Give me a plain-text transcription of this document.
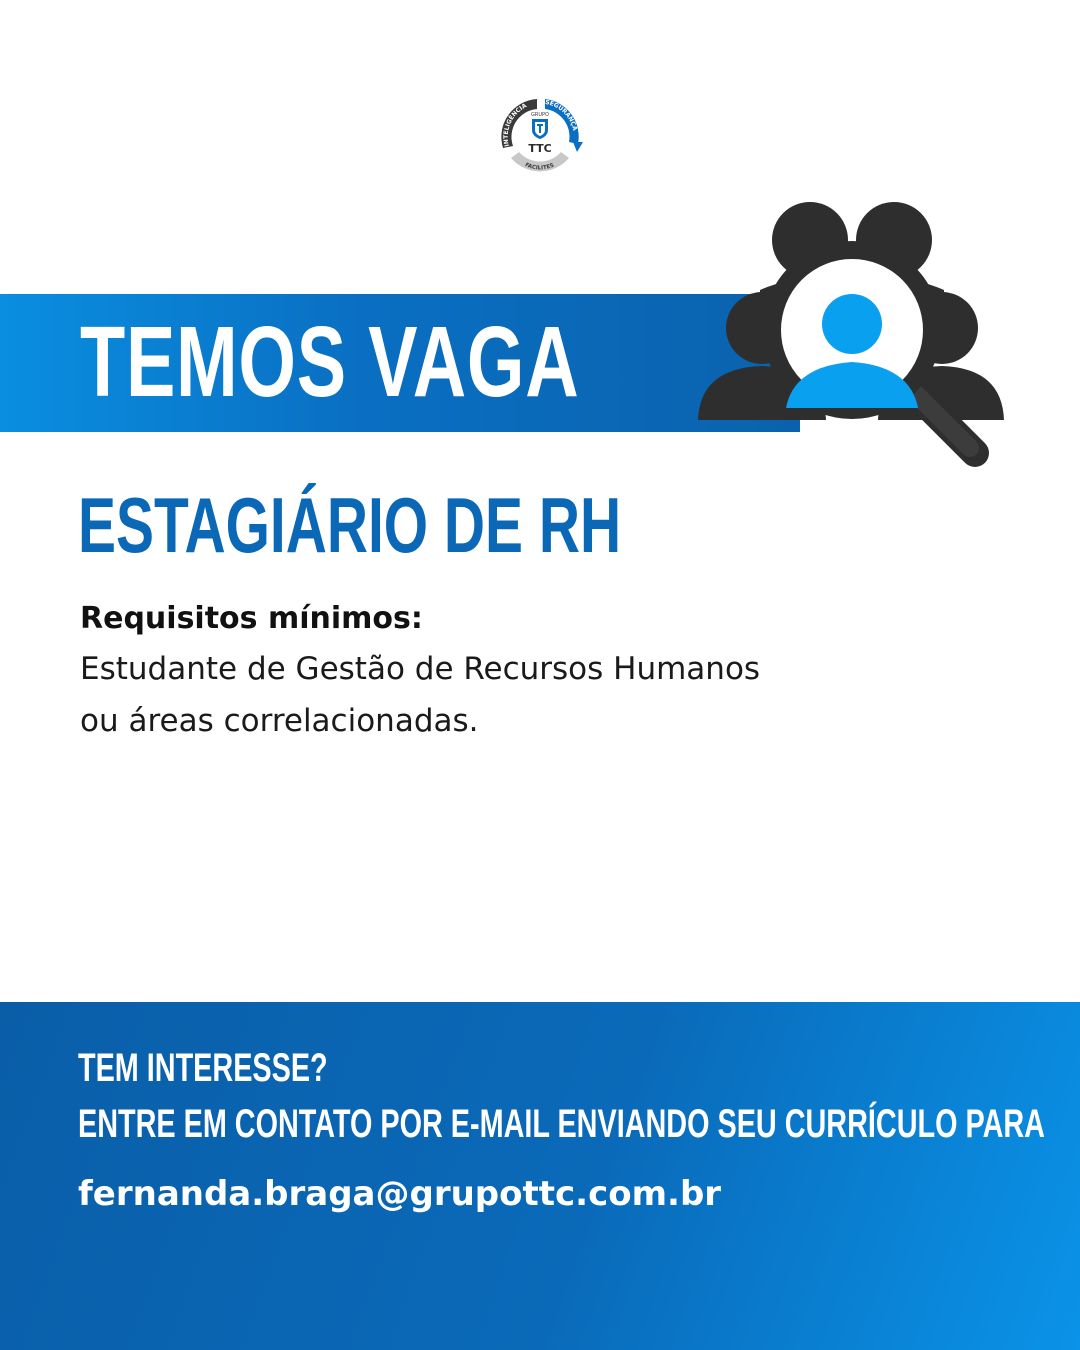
INTELIGÊNCIA	SEGURANÇA
FACILITES
GRUPO
TTC
TEMOS VAGA
ESTAGIÁRIO DE RH

Requisitos mínimos:

Estudante de Gestão de Recursos Humanos

ou áreas correlacionadas.

TEM INTERESSE?

ENTRE EM CONTATO POR E-MAIL ENVIANDO SEU CURRÍCULO PARA

fernanda.braga@grupottc.com.br
